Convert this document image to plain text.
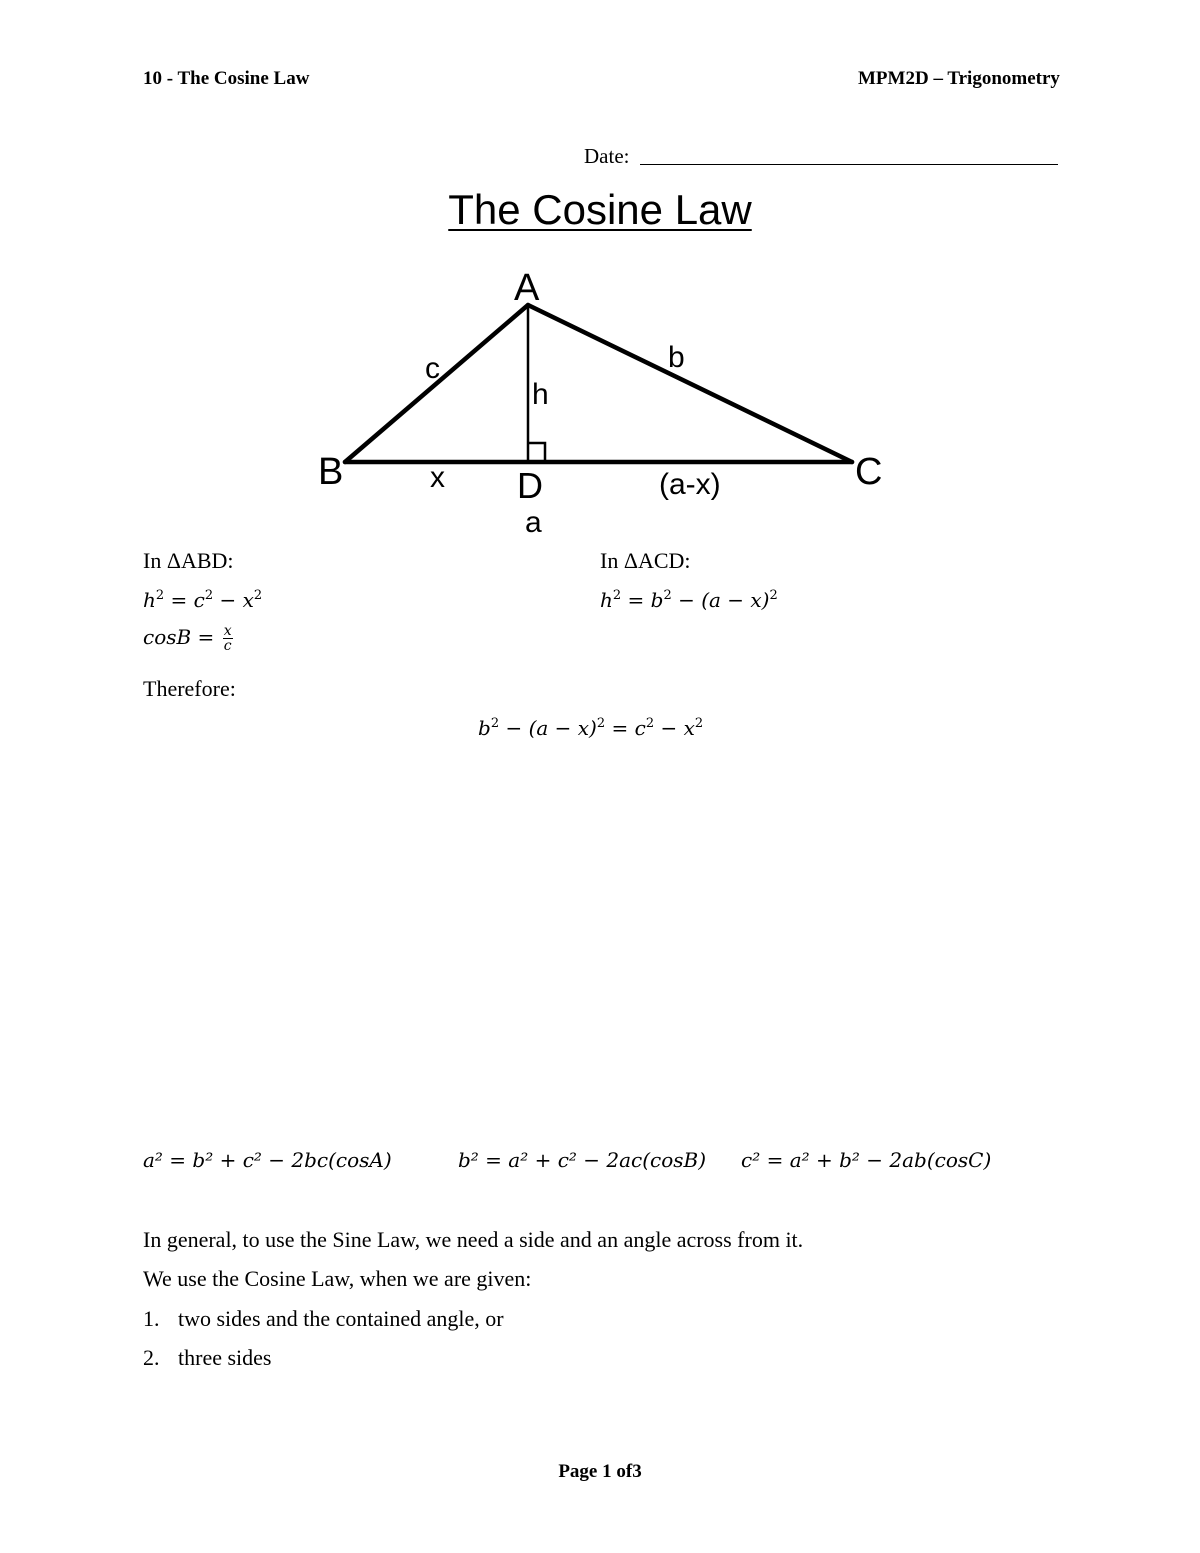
10 - The Cosine Law	MPM2D – Trigonometry
Date:
The Cosine Law
A
B	C
D
c	b
h
x	(a-x)
a
In ΔABD:
$h^2 = c^2 - x^2$
$\cos B = \frac{x}{c}$
Therefore:
In ΔACD:
$h^2 = b^2 - (a - x)^2$
$b^2 - (a - x)^2 = c^2 - x^2$
a² = b² + c² − 2bc(cosA)	b² = a² + c² − 2ac(cosB) c² = a² + b² − 2ab(cosC)
In general, to use the Sine Law, we need a side and an angle across from it.
We use the Cosine Law, when we are given:
1. two sides and the contained angle, or
2. three sides
Page 1 of3
